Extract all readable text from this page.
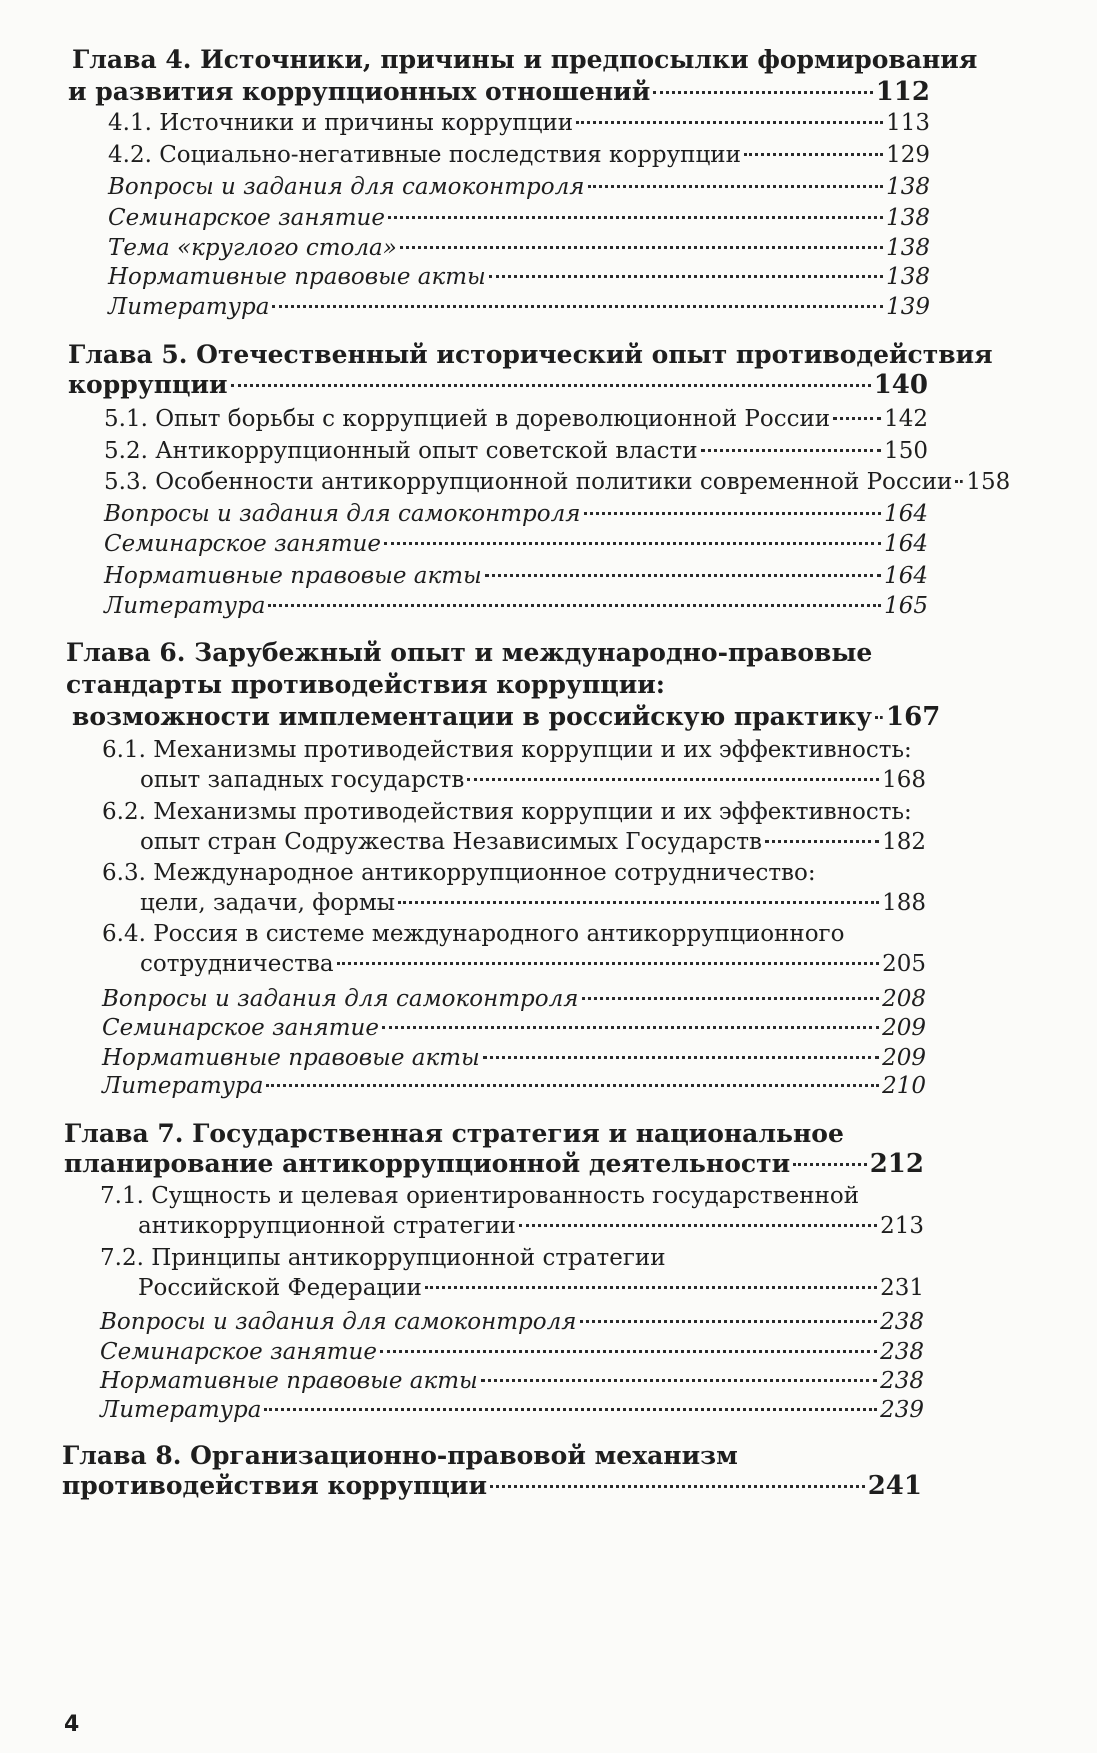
Глава 4. Источники, причины и предпосылки формирования
и развития коррупционных отношений	112
4.1. Источники и причины коррупции	113
4.2. Социально-негативные последствия коррупции	129
Вопросы и задания для самоконтроля	138
Семинарское занятие	138
Тема «круглого стола»	138
Нормативные правовые акты	138
Литература	139
Глава 5. Отечественный исторический опыт противодействия
коррупции	140
5.1. Опыт борьбы с коррупцией в дореволюционной России 142
5.2. Антикоррупционный опыт советской власти	150
5.3. Особенности антикоррупционной политики современной России 158
Вопросы и задания для самоконтроля	164
Семинарское занятие	164
Нормативные правовые акты	164
Литература	165
Глава 6. Зарубежный опыт и международно-правовые
стандарты противодействия коррупции:
возможности имплементации в российскую практику 167
6.1. Механизмы противодействия коррупции и их эффективность:
опыт западных государств	168
6.2. Механизмы противодействия коррупции и их эффективность:
опыт стран Содружества Независимых Государств	182
6.3. Международное антикоррупционное сотрудничество:
цели, задачи, формы	188
6.4. Россия в системе международного антикоррупционного
сотрудничества	205
Вопросы и задания для самоконтроля	208
Семинарское занятие	209
Нормативные правовые акты	209
Литература	210
Глава 7. Государственная стратегия и национальное
планирование антикоррупционной деятельности	212
7.1. Сущность и целевая ориентированность государственной
антикоррупционной стратегии	213
7.2. Принципы антикоррупционной стратегии
Российской Федерации	231
Вопросы и задания для самоконтроля	238
Семинарское занятие	238
Нормативные правовые акты	238
Литература	239
Глава 8. Организационно-правовой механизм
противодействия коррупции	241
4
